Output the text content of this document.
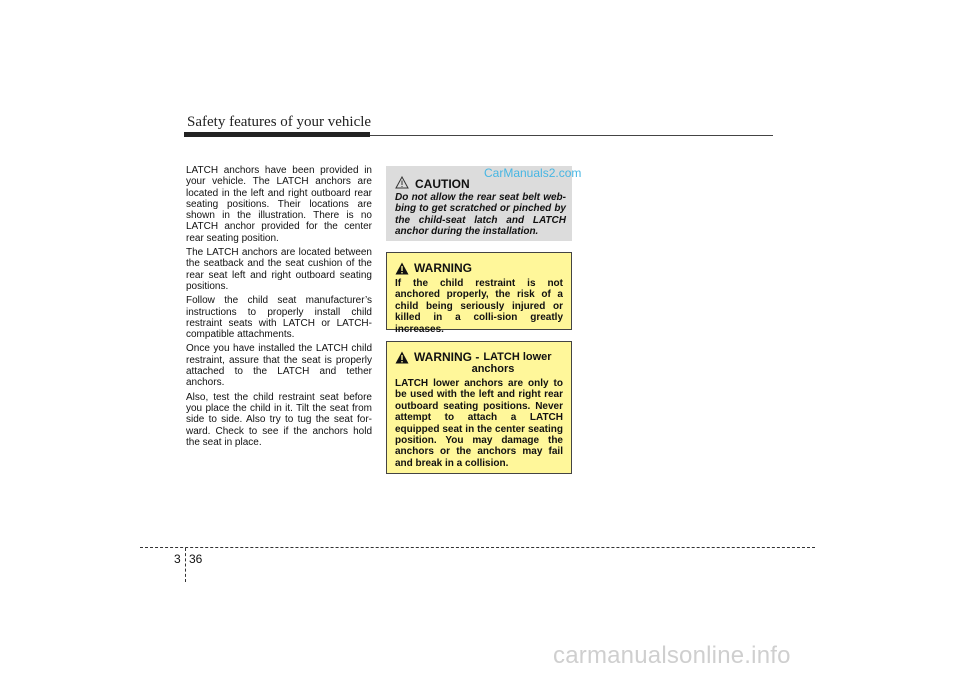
Safety features of your vehicle

LATCH anchors have been provided in your vehicle. The LATCH anchors are located in the left and right outboard rear seating positions. Their locations are shown in the illustration. There is no LATCH anchor provided for the center rear seating position.

The LATCH anchors are located between the seatback and the seat cushion of the rear seat left and right outboard seating positions.

Follow the child seat manufacturer’s instructions to properly install child restraint seats with LATCH or LATCH-compatible attachments.

Once you have installed the LATCH child restraint, assure that the seat is properly attached to the LATCH and tether anchors.

Also, test the child restraint seat before you place the child in it. Tilt the seat from side to side. Also try to tug the seat for-ward. Check to see if the anchors hold the seat in place.

CAUTION
Do not allow the rear seat belt web-bing to get scratched or pinched by the child-seat latch and LATCH anchor during the installation.
CarManuals2.com
WARNING
If the child restraint is not anchored properly, the risk of a child being seriously injured or killed in a colli-sion greatly increases.
WARNING - LATCH lower
anchors
LATCH lower anchors are only to be used with the left and right rear outboard seating positions. Never attempt to attach a LATCH equipped seat in the center seating position. You may damage the anchors or the anchors may fail and break in a collision.
3 36
carmanualsonline.info
